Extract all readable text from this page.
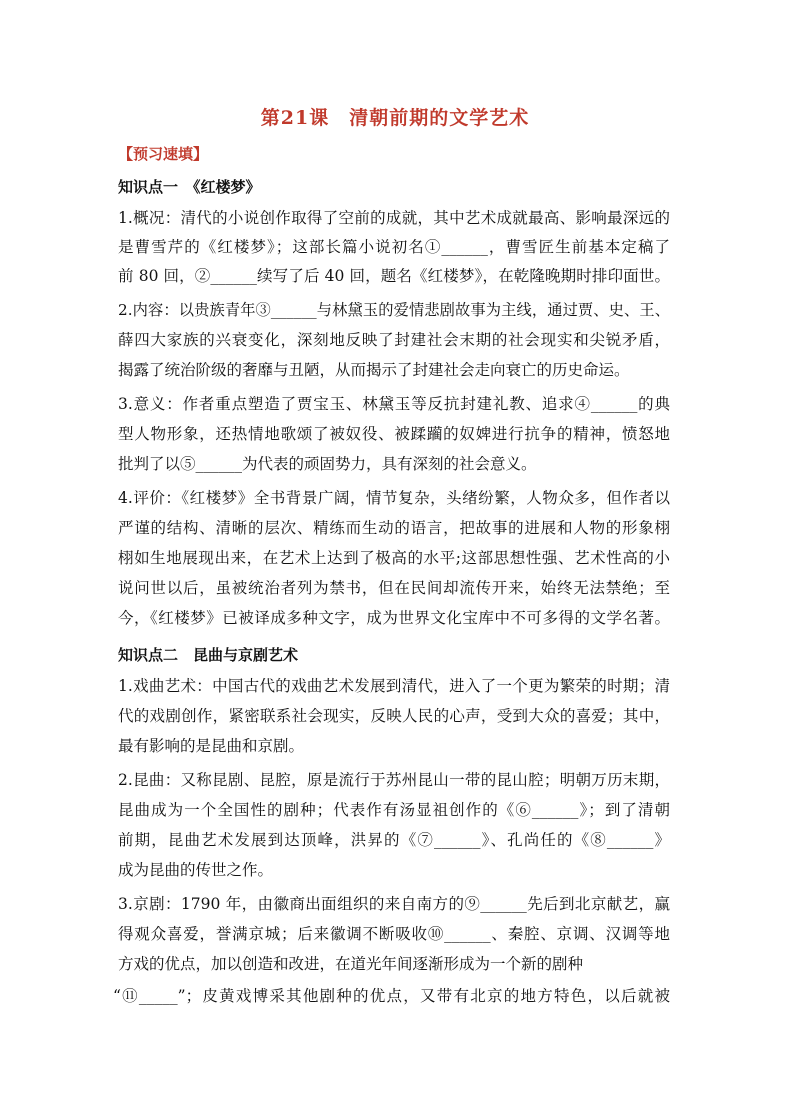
第21课　清朝前期的文学艺术
【预习速填】
知识点一　《红楼梦》
1.概况：清代的小说创作取得了空前的成就，其中艺术成就最高、影响最深远的
是曹雪芹的《红楼梦》；这部长篇小说初名①______，曹雪匠生前基本定稿了
前 80 回，②______续写了后 40 回，题名《红楼梦》，在乾隆晚期时排印面世。
2.内容：以贵族青年③______与林黛玉的爱情悲剧故事为主线，通过贾、史、王、
薛四大家族的兴衰变化，深刻地反映了封建社会末期的社会现实和尖锐矛盾，
揭露了统治阶级的奢靡与丑陋，从而揭示了封建社会走向衰亡的历史命运。
3.意义：作者重点塑造了贾宝玉、林黛玉等反抗封建礼教、追求④______的典
型人物形象，还热情地歌颂了被奴役、被蹂躏的奴婢进行抗争的精神，愤怒地
批判了以⑤______为代表的顽固势力，具有深刻的社会意义。
4.评价：《红楼梦》全书背景广阔，情节复杂，头绪纷繁，人物众多，但作者以
严谨的结构、清晰的层次、精练而生动的语言，把故事的进展和人物的形象栩
栩如生地展现出来，在艺术上达到了极高的水平;这部思想性强、艺术性高的小
说问世以后，虽被统治者列为禁书，但在民间却流传开来，始终无法禁绝；至
今，《红楼梦》已被译成多种文字，成为世界文化宝库中不可多得的文学名著。
知识点二　昆曲与京剧艺术
1.戏曲艺术：中国古代的戏曲艺术发展到清代，进入了一个更为繁荣的时期；清
代的戏剧创作，紧密联系社会现实，反映人民的心声，受到大众的喜爱；其中，
最有影响的是昆曲和京剧。
2.昆曲：又称昆剧、昆腔，原是流行于苏州昆山一带的昆山腔；明朝万历末期，
昆曲成为一个全国性的剧种；代表作有汤显祖创作的《⑥______》；到了清朝
前期，昆曲艺术发展到达顶峰，洪昇的《⑦______》、孔尚任的《⑧______》
成为昆曲的传世之作。
3.京剧：1790 年，由徽商出面组织的来自南方的⑨______先后到北京献艺，赢
得观众喜爱，誉满京城；后来徽调不断吸收⑩______、秦腔、京调、汉调等地
方戏的优点，加以创造和改进，在道光年间逐渐形成为一个新的剧种
“⑪_____”；皮黄戏博采其他剧种的优点，又带有北京的地方特色，以后就被
